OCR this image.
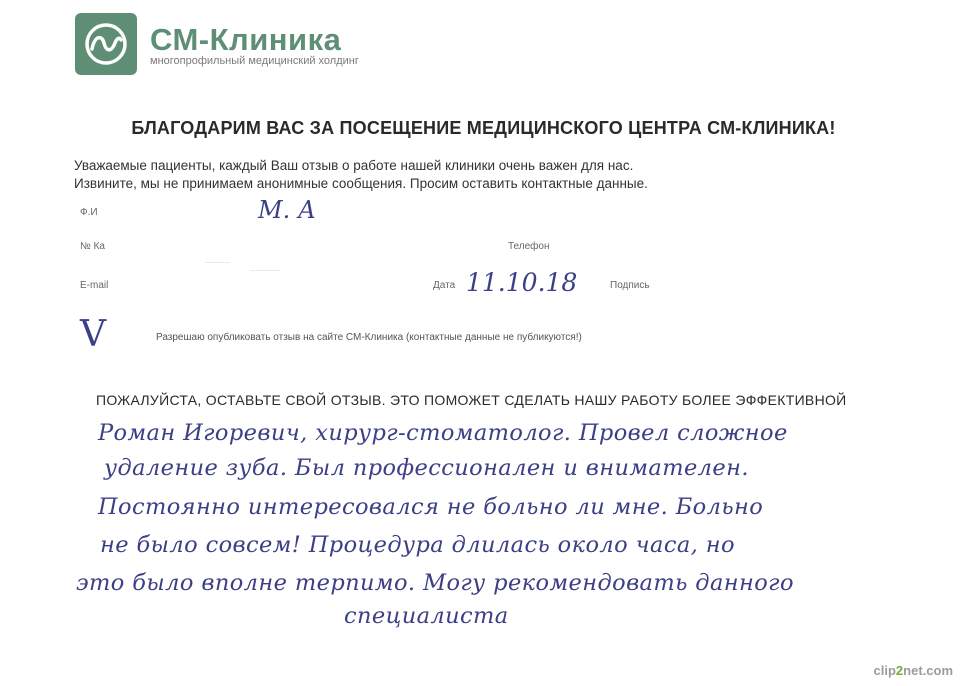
СМ-Клиника
многопрофильный медицинский холдинг
БЛАГОДАРИМ ВАС ЗА ПОСЕЩЕНИЕ МЕДИЦИНСКОГО ЦЕНТРА СМ-КЛИНИКА!
Уважаемые пациенты, каждый Ваш отзыв о работе нашей клиники очень важен для нас.
Извините, мы не принимаем анонимные сообщения. Просим оставить контактные данные.
Ф.И	М. А
№ Ка	Телефон
E-mail	Дата 11.10.18	Подпись
V	Разрешаю опубликовать отзыв на сайте СМ-Клиника (контактные данные не публикуются!)
ПОЖАЛУЙСТА, ОСТАВЬТЕ СВОЙ ОТЗЫВ. ЭТО ПОМОЖЕТ СДЕЛАТЬ НАШУ РАБОТУ БОЛЕЕ ЭФФЕКТИВНОЙ
Роман Игоревич, хирург-стоматолог. Провел сложное
удаление зуба. Был профессионален и внимателен.
Постоянно интересовался не больно ли мне. Больно
не было совсем! Процедура длилась около часа, но
это было вполне терпимо. Могу рекомендовать данного
специалиста
clip2net.com
